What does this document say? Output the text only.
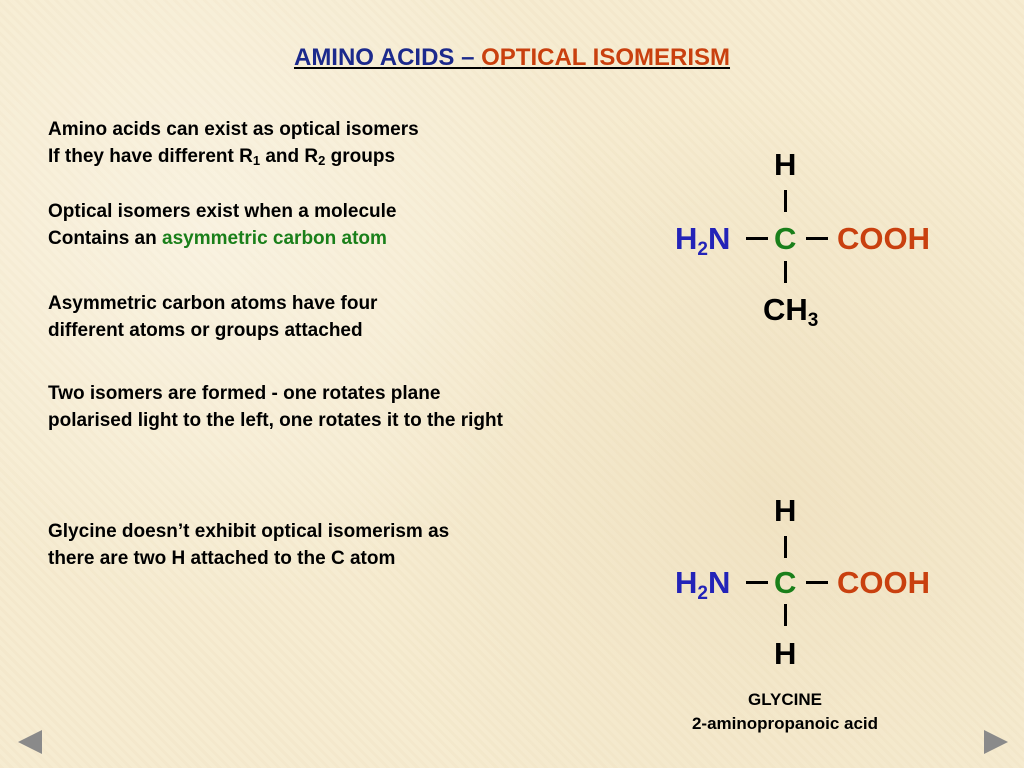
AMINO ACIDS – OPTICAL ISOMERISM
Amino acids can exist as optical isomers
If they have different $R_1$ and $R_2$ groups
Optical isomers exist when a molecule
Contains an asymmetric carbon atom
Asymmetric carbon atoms have four
different atoms or groups attached
Two isomers are formed - one rotates plane
polarised light to the left, one rotates it to the right
Glycine doesn’t exhibit optical isomerism as
there are two H attached to the C atom
H
$H_2N$ C COOH
$CH_3$
H
$H_2N$ C COOH
H
GLYCINE
2-aminopropanoic acid
